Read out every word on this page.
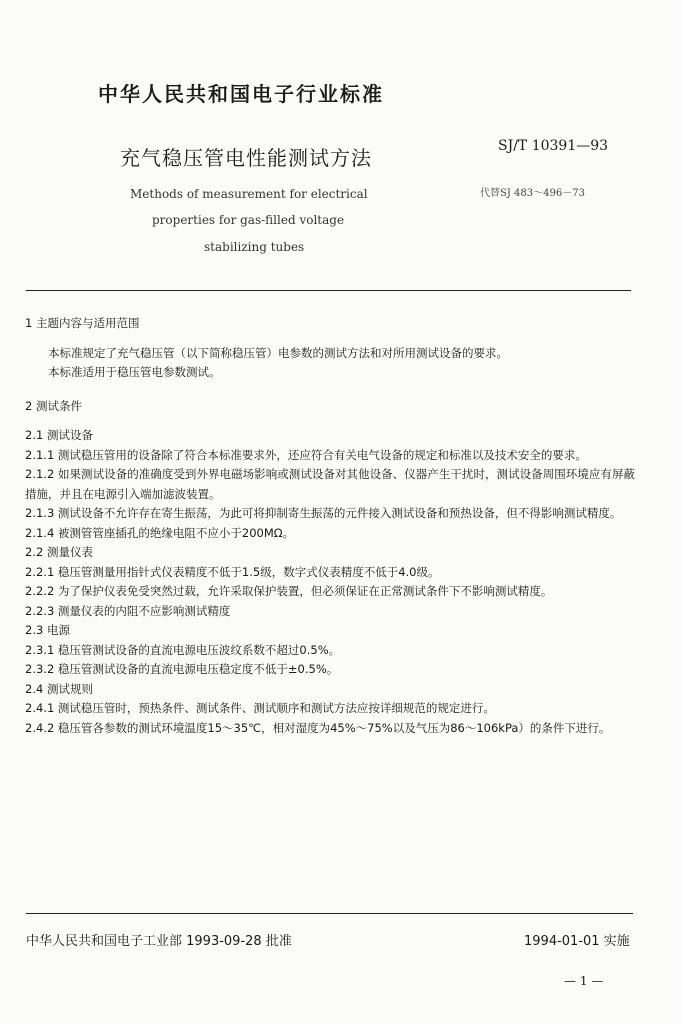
中华人民共和国电子行业标准
充气稳压管电性能测试方法	SJ/T 10391—93
代替SJ 483～496－73
Methods of measurement for electrical
properties for gas-filled voltage
stabilizing tubes

1 主题内容与适用范围

本标准规定了充气稳压管（以下简称稳压管）电参数的测试方法和对所用测试设备的要求。

本标准适用于稳压管电参数测试。

2 测试条件

2.1 测试设备

2.1.1 测试稳压管用的设备除了符合本标准要求外，还应符合有关电气设备的规定和标准以及技术安全的要求。

2.1.2 如果测试设备的准确度受到外界电磁场影响或测试设备对其他设备、仪器产生干扰时，测试设备周围环境应有屏蔽措施，并且在电源引入端加滤波装置。

2.1.3 测试设备不允许存在寄生振荡，为此可将抑制寄生振荡的元件接入测试设备和预热设备，但不得影响测试精度。

2.1.4 被测管管座插孔的绝缘电阻不应小于200MΩ。

2.2 测量仪表

2.2.1 稳压管测量用指针式仪表精度不低于1.5级，数字式仪表精度不低于4.0级。

2.2.2 为了保护仪表免受突然过载，允许采取保护装置，但必须保证在正常测试条件下不影响测试精度。

2.2.3 测量仪表的内阻不应影响测试精度

2.3 电源

2.3.1 稳压管测试设备的直流电源电压波纹系数不超过0.5%。

2.3.2 稳压管测试设备的直流电源电压稳定度不低于±0.5%。

2.4 测试规则

2.4.1 测试稳压管时，预热条件、测试条件、测试顺序和测试方法应按详细规范的规定进行。

2.4.2 稳压管各参数的测试环境温度15～35℃，相对湿度为45%～75%以及气压为86～106kPa）的条件下进行。

中华人民共和国电子工业部 1993-09-28 批准	1994-01-01 实施
— 1 —
